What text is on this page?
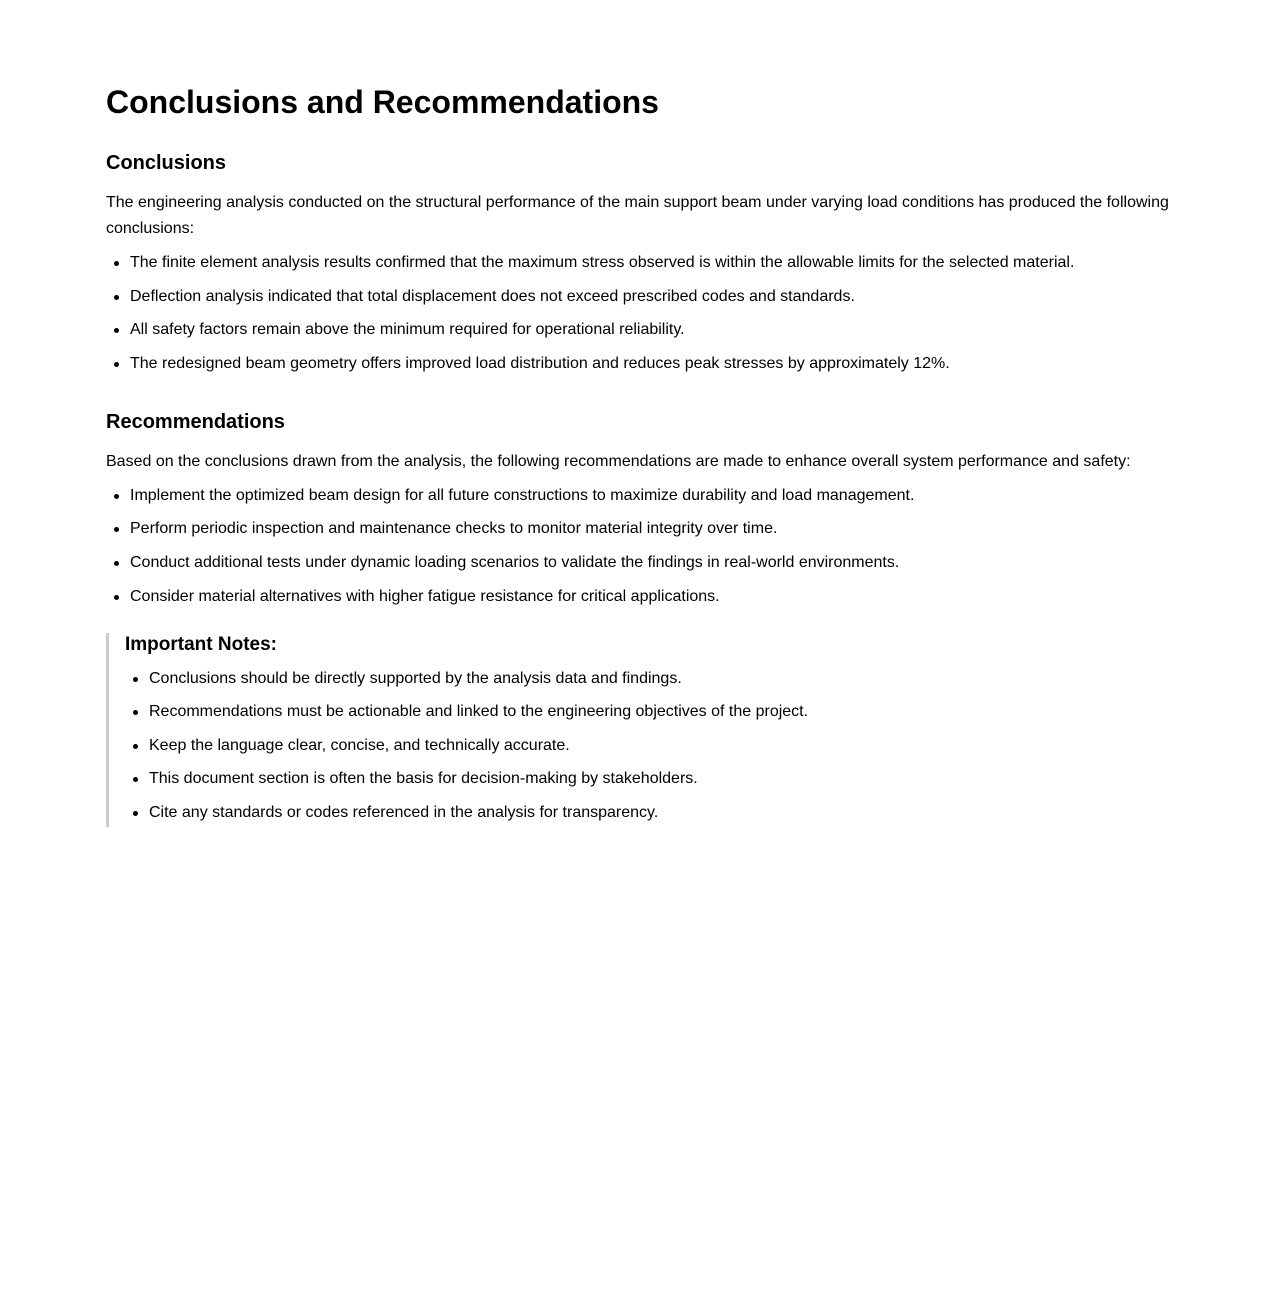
Conclusions and Recommendations
Conclusions

The engineering analysis conducted on the structural performance of the main support beam under varying load conditions has produced the following conclusions:

The finite element analysis results confirmed that the maximum stress observed is within the allowable limits for the selected material.
Deflection analysis indicated that total displacement does not exceed prescribed codes and standards.
All safety factors remain above the minimum required for operational reliability.
The redesigned beam geometry offers improved load distribution and reduces peak stresses by approximately 12%.
Recommendations

Based on the conclusions drawn from the analysis, the following recommendations are made to enhance overall system performance and safety:

Implement the optimized beam design for all future constructions to maximize durability and load management.
Perform periodic inspection and maintenance checks to monitor material integrity over time.
Conduct additional tests under dynamic loading scenarios to validate the findings in real-world environments.
Consider material alternatives with higher fatigue resistance for critical applications.
Important Notes:
Conclusions should be directly supported by the analysis data and findings.
Recommendations must be actionable and linked to the engineering objectives of the project.
Keep the language clear, concise, and technically accurate.
This document section is often the basis for decision-making by stakeholders.
Cite any standards or codes referenced in the analysis for transparency.
